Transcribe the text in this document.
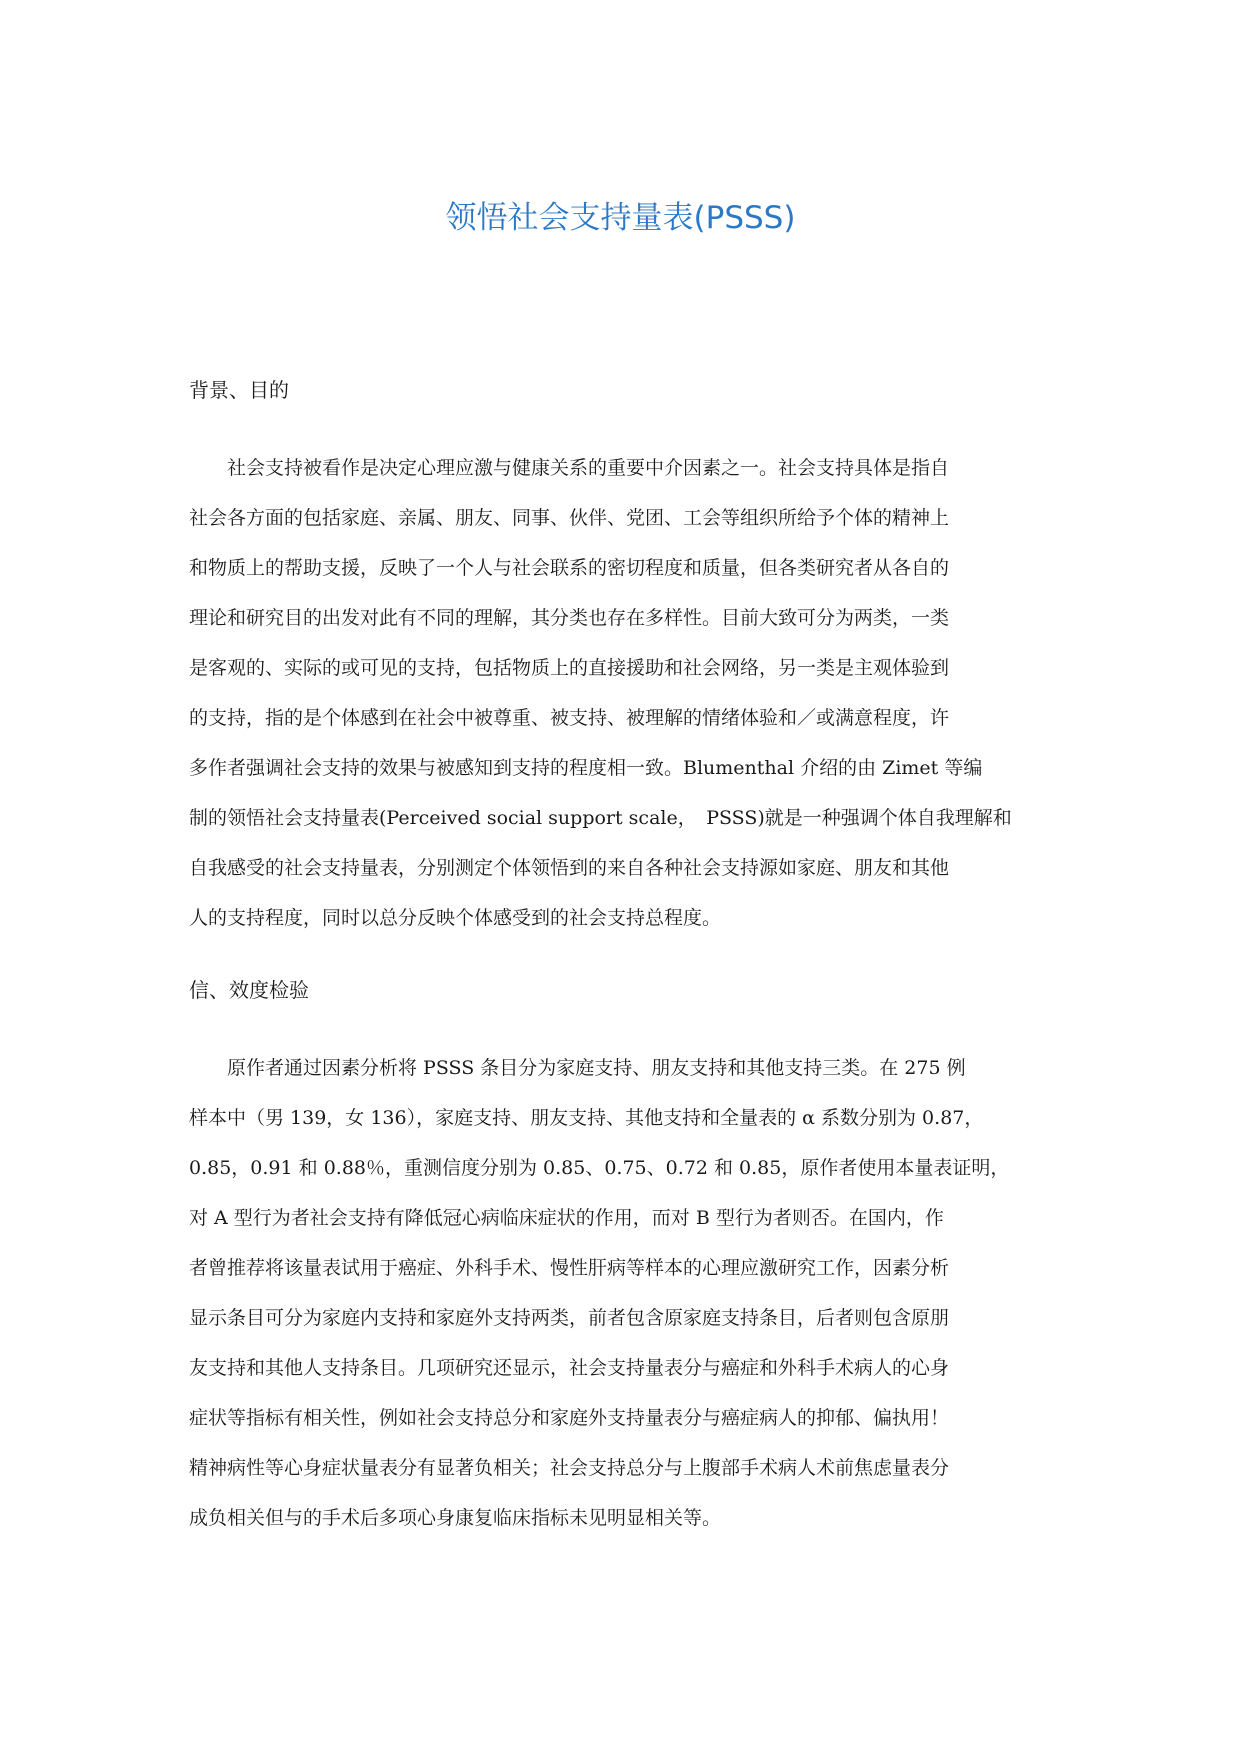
领悟社会支持量表(PSSS)
背景、目的
社会支持被看作是决定心理应激与健康关系的重要中介因素之一。社会支持具体是指自
社会各方面的包括家庭、亲属、朋友、同事、伙伴、党团、工会等组织所给予个体的精神上
和物质上的帮助支援，反映了一个人与社会联系的密切程度和质量，但各类研究者从各自的
理论和研究目的出发对此有不同的理解，其分类也存在多样性。目前大致可分为两类，一类
是客观的、实际的或可见的支持，包括物质上的直接援助和社会网络，另一类是主观体验到
的支持，指的是个体感到在社会中被尊重、被支持、被理解的情绪体验和／或满意程度，许
多作者强调社会支持的效果与被感知到支持的程度相一致。Blumenthal 介绍的由 Zimet 等编
制的领悟社会支持量表(Perceived social support scale，　PSSS)就是一种强调个体自我理解和
自我感受的社会支持量表，分别测定个体领悟到的来自各种社会支持源如家庭、朋友和其他
人的支持程度，同时以总分反映个体感受到的社会支持总程度。
信、效度检验
原作者通过因素分析将 PSSS 条目分为家庭支持、朋友支持和其他支持三类。在 275 例
样本中（男 139，女 136），家庭支持、朋友支持、其他支持和全量表的 α 系数分别为 0.87，
0.85，0.91 和 0.88％，重测信度分别为 0.85、0.75、0.72 和 0.85，原作者使用本量表证明，
对 A 型行为者社会支持有降低冠心病临床症状的作用，而对 B 型行为者则否。在国内，作
者曾推荐将该量表试用于癌症、外科手术、慢性肝病等样本的心理应激研究工作，因素分析
显示条目可分为家庭内支持和家庭外支持两类，前者包含原家庭支持条目，后者则包含原朋
友支持和其他人支持条目。几项研究还显示，社会支持量表分与癌症和外科手术病人的心身
症状等指标有相关性，例如社会支持总分和家庭外支持量表分与癌症病人的抑郁、偏执用！
精神病性等心身症状量表分有显著负相关；社会支持总分与上腹部手术病人术前焦虑量表分
成负相关但与的手术后多项心身康复临床指标未见明显相关等。
